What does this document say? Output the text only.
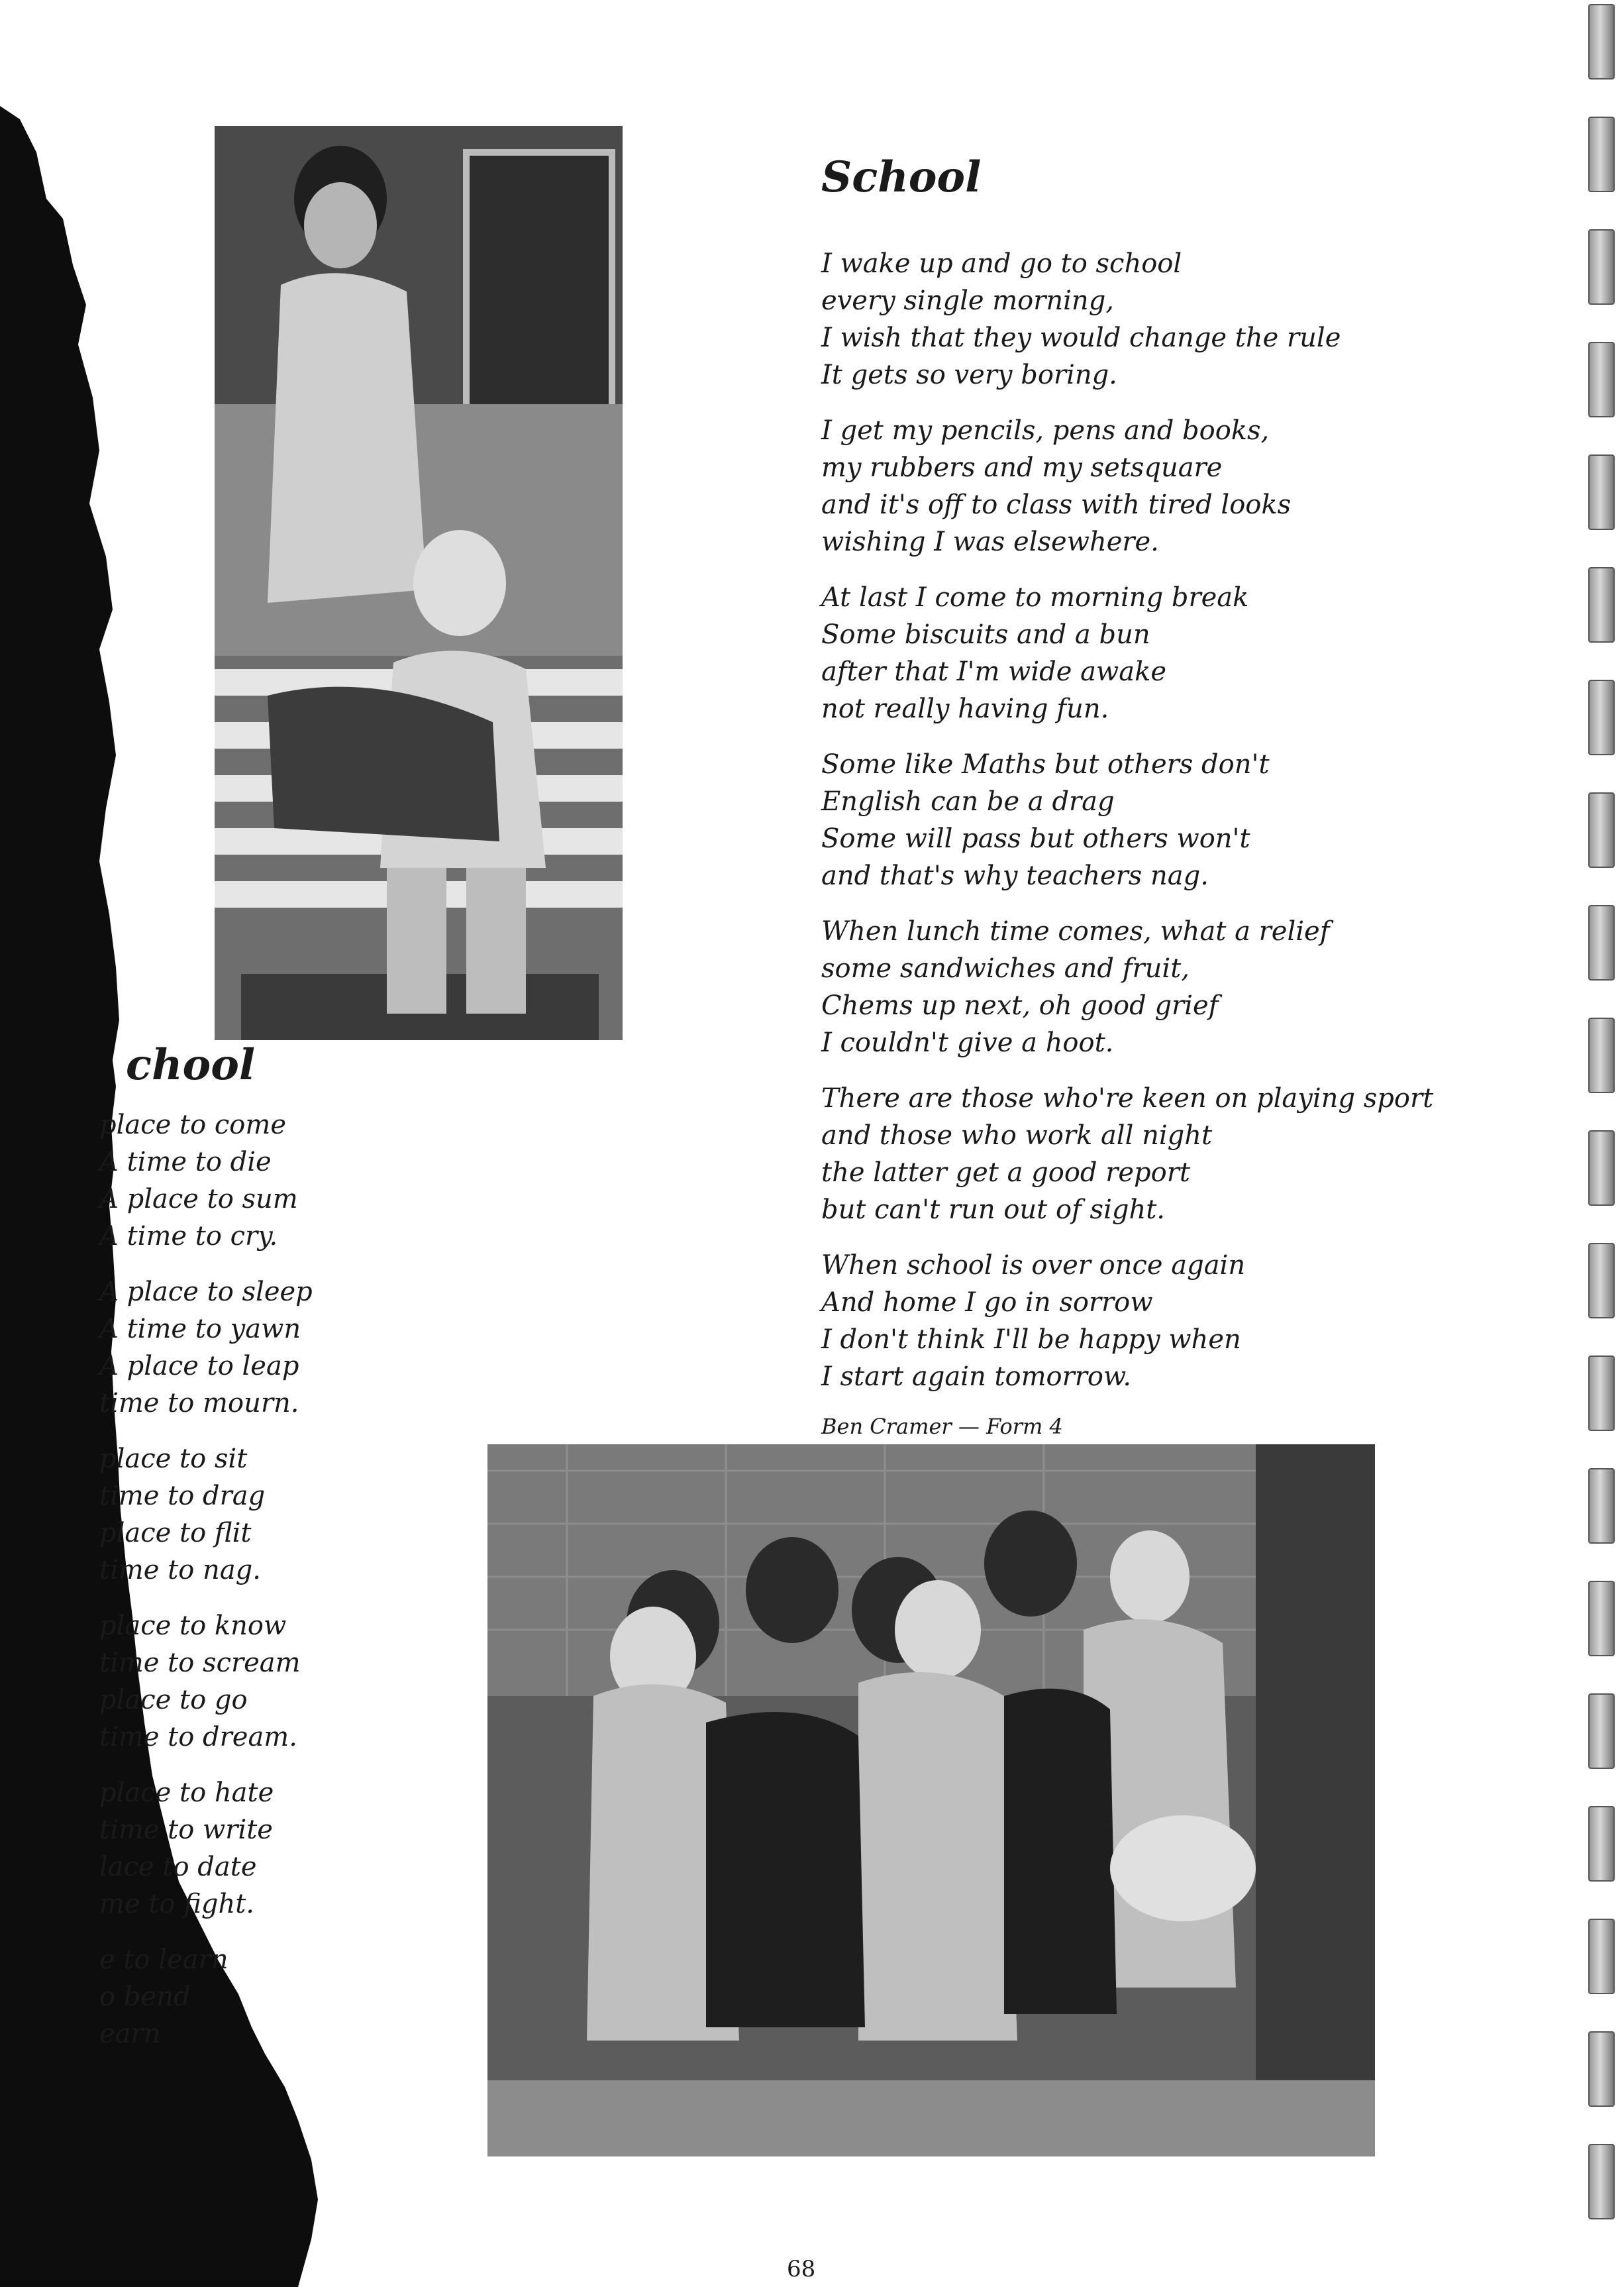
School
I wake up and go to school
every single morning,
I wish that they would change the rule
It gets so very boring.
I get my pencils, pens and books,
my rubbers and my setsquare
and it's off to class with tired looks
wishing I was elsewhere.
At last I come to morning break
Some biscuits and a bun
after that I'm wide awake
not really having fun.
Some like Maths but others don't
English can be a drag
Some will pass but others won't
and that's why teachers nag.
When lunch time comes, what a relief
some sandwiches and fruit,
Chems up next, oh good grief
I couldn't give a hoot.
There are those who're keen on playing sport
and those who work all night
the latter get a good report
but can't run out of sight.
When school is over once again
And home I go in sorrow
I don't think I'll be happy when
I start again tomorrow.
Ben Cramer — Form 4
chool
place to come
A time to die
A place to sum
A time to cry.
A place to sleep
A time to yawn
A place to leap
time to mourn.
place to sit
time to drag
place to flit
time to nag.
place to know
time to scream
place to go
time to dream.
place to hate
time to write
lace to date
me to fight.
e to learn
o bend
earn
68
